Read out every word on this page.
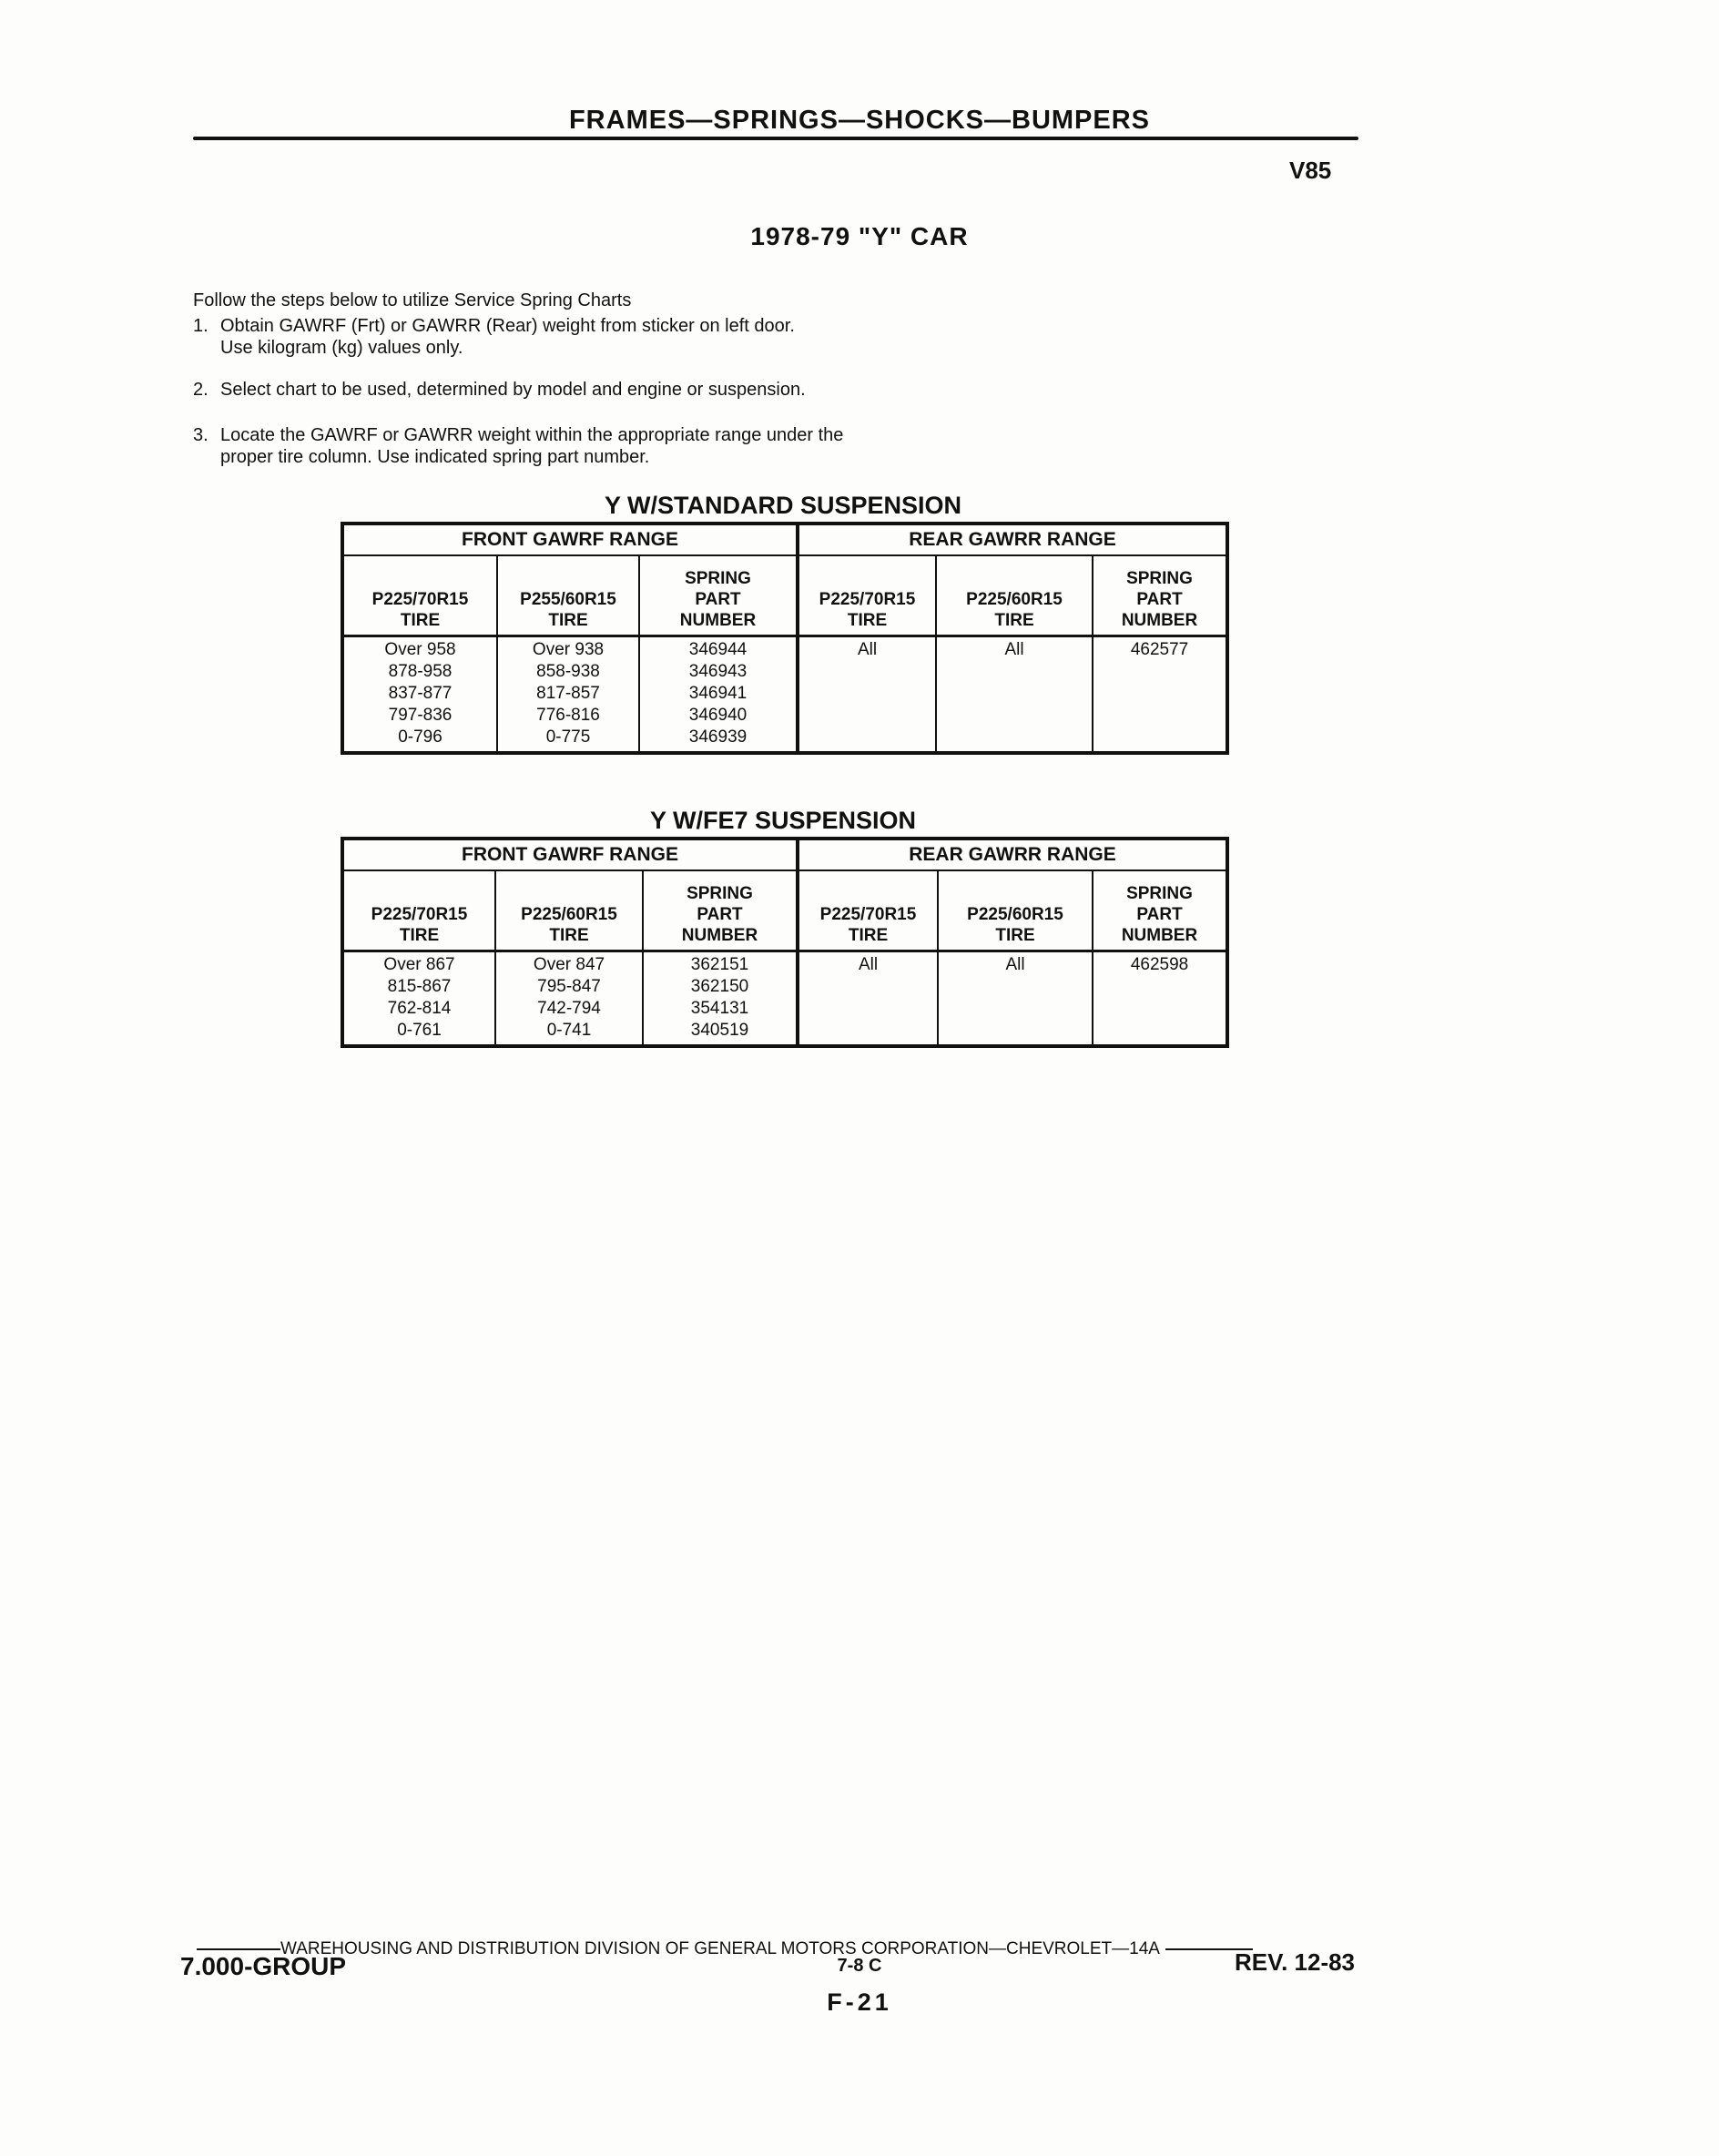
FRAMES—SPRINGS—SHOCKS—BUMPERS
V85
1978-79 "Y" CAR
Follow the steps below to utilize Service Spring Charts
1. Obtain GAWRF (Frt) or GAWRR (Rear) weight from sticker on left door.
Use kilogram (kg) values only.
2. Select chart to be used, determined by model and engine or suspension.
3. Locate the GAWRF or GAWRR weight within the appropriate range under the
proper tire column. Use indicated spring part number.
Y W/STANDARD SUSPENSION
FRONT GAWRF RANGE			REAR GAWRR RANGE		
P225/70R15
TIRE	P255/60R15
TIRE	SPRING
PART
NUMBER	P225/70R15
TIRE	P225/60R15
TIRE	SPRING
PART
NUMBER
Over 958
878-958
837-877
797-836
0-796	Over 938
858-938
817-857
776-816
0-775	346944
346943
346941
346940
346939	All	All	462577
Y W/FE7 SUSPENSION
FRONT GAWRF RANGE			REAR GAWRR RANGE		
P225/70R15
TIRE	P225/60R15
TIRE	SPRING
PART
NUMBER	P225/70R15
TIRE	P225/60R15
TIRE	SPRING
PART
NUMBER
Over 867
815-867
762-814
0-761	Over 847
795-847
742-794
0-741	362151
362150
354131
340519	All	All	462598
WAREHOUSING AND DISTRIBUTION DIVISION OF GENERAL MOTORS CORPORATION—CHEVROLET—14A
7.000-GROUP	7-8 C	REV. 12-83
F-21
